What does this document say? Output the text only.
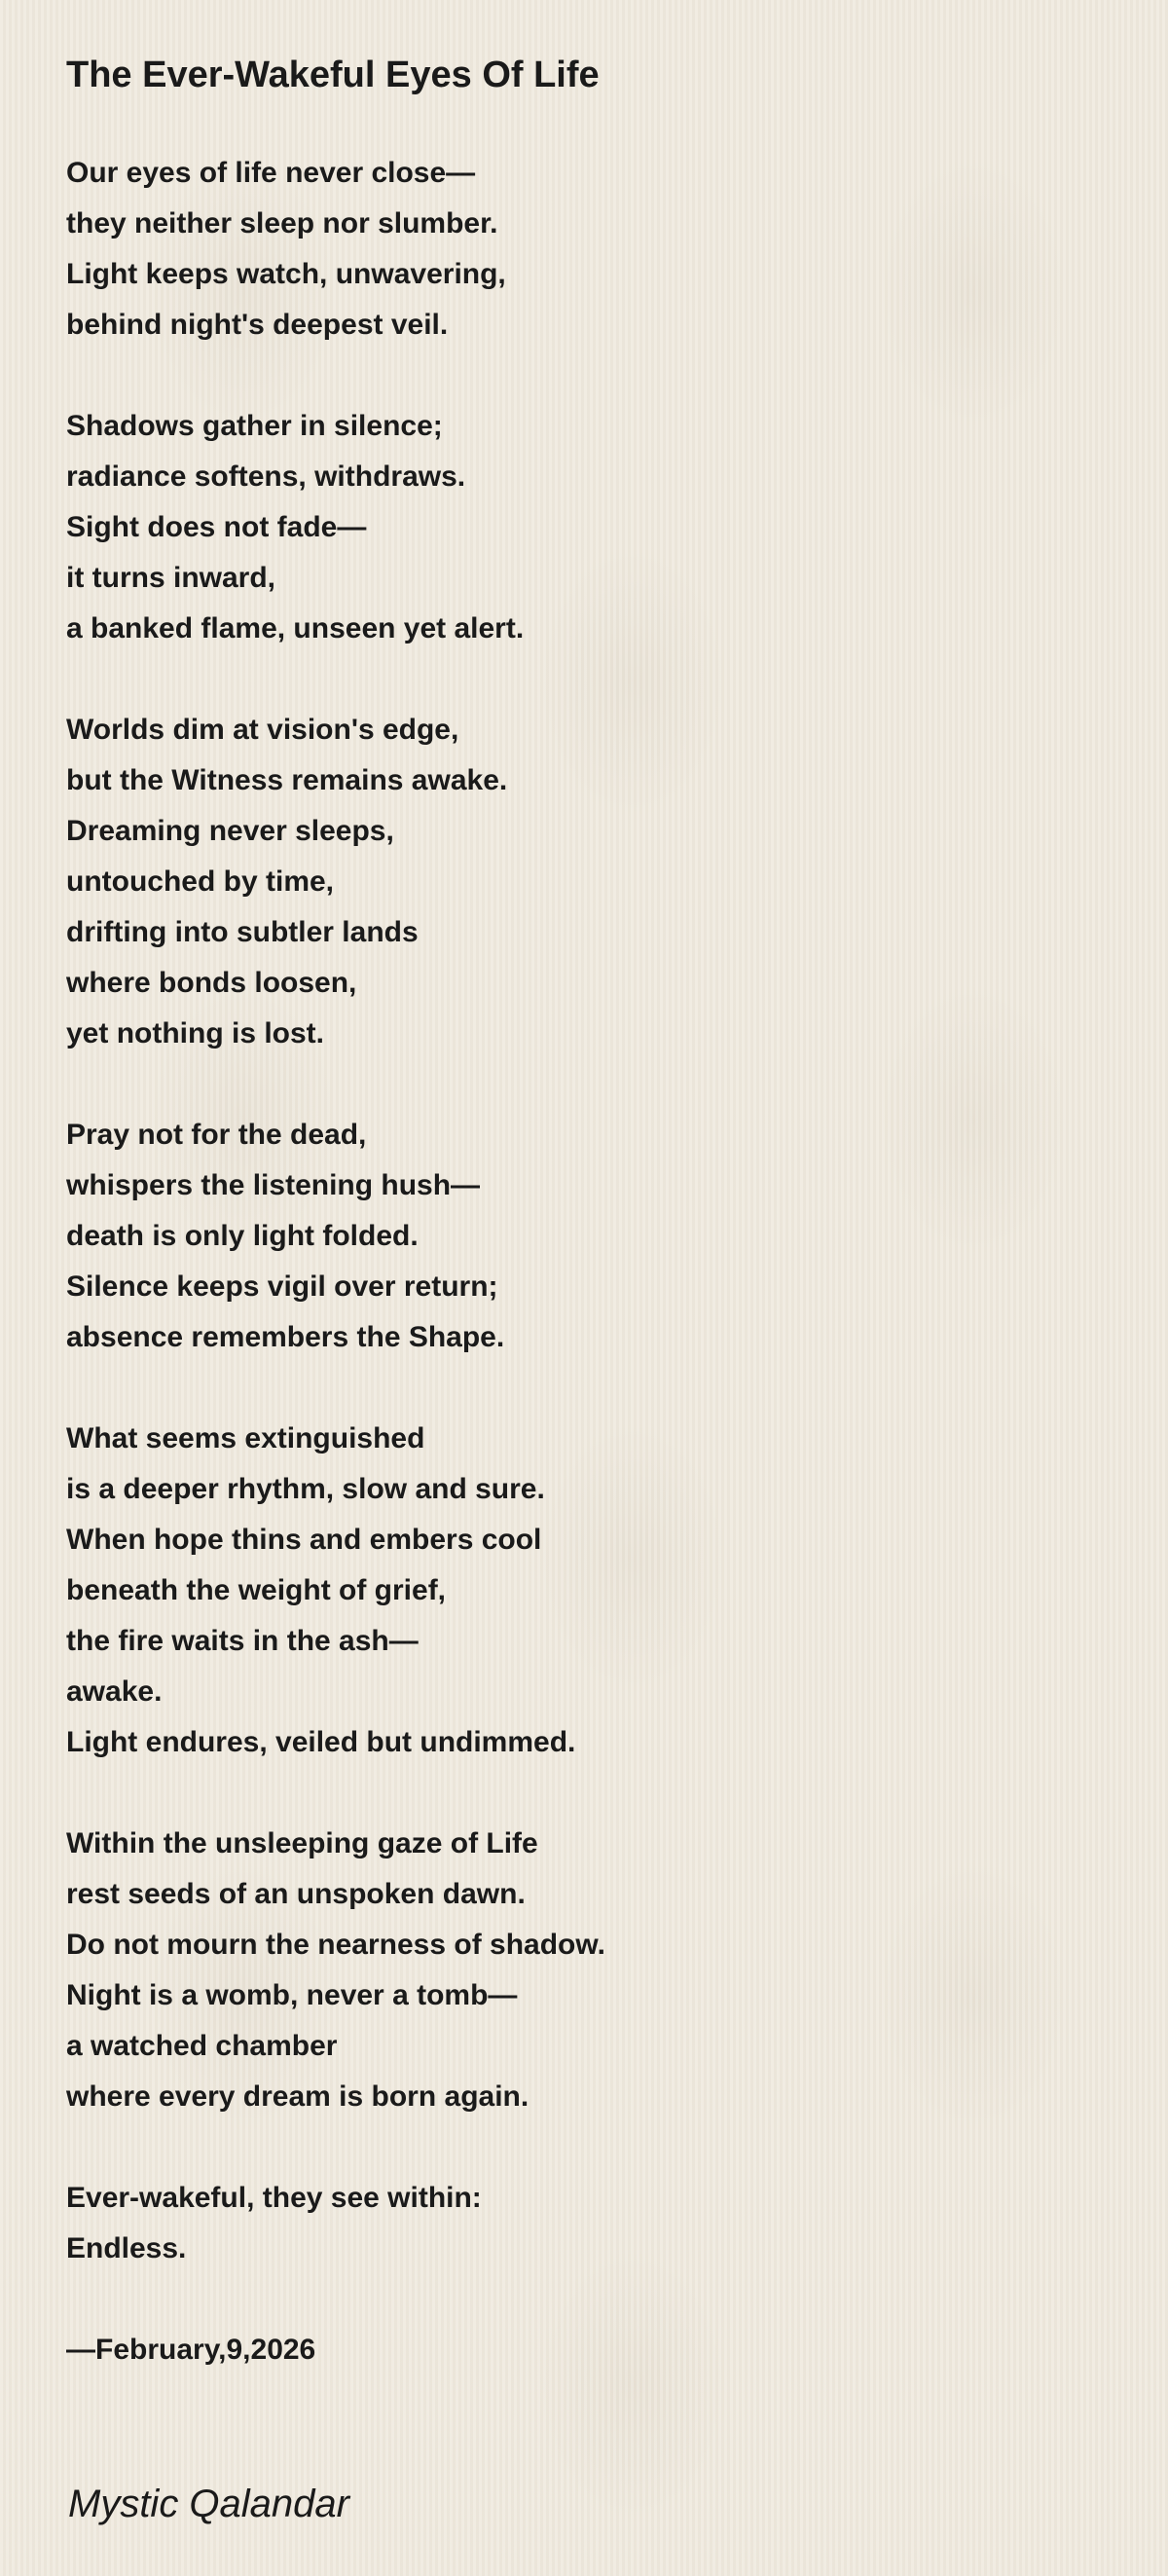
The Ever-Wakeful Eyes Of Life
Our eyes of life never close—
they neither sleep nor slumber.
Light keeps watch, unwavering,
behind night's deepest veil.
Shadows gather in silence;
radiance softens, withdraws.
Sight does not fade—
it turns inward,
a banked flame, unseen yet alert.
Worlds dim at vision's edge,
but the Witness remains awake.
Dreaming never sleeps,
untouched by time,
drifting into subtler lands
where bonds loosen,
yet nothing is lost.
Pray not for the dead,
whispers the listening hush—
death is only light folded.
Silence keeps vigil over return;
absence remembers the Shape.
What seems extinguished
is a deeper rhythm, slow and sure.
When hope thins and embers cool
beneath the weight of grief,
the fire waits in the ash—
awake.
Light endures, veiled but undimmed.
Within the unsleeping gaze of Life
rest seeds of an unspoken dawn.
Do not mourn the nearness of shadow.
Night is a womb, never a tomb—
a watched chamber
where every dream is born again.
Ever-wakeful, they see within:
Endless.
—February,9,2026
Mystic Qalandar
